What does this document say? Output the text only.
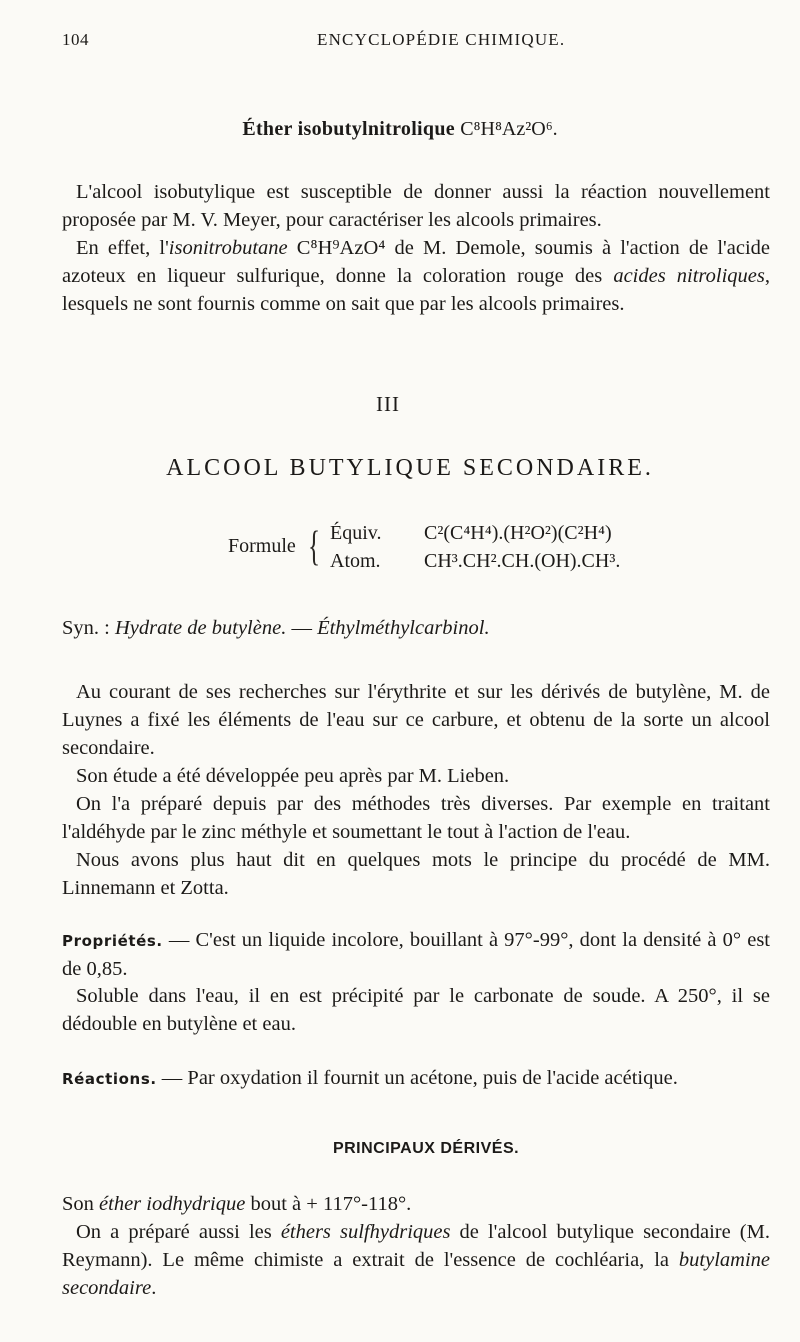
104	ENCYCLOPÉDIE CHIMIQUE.
Éther isobutylnitrolique C⁸H⁸Az²O⁶.

L'alcool isobutylique est susceptible de donner aussi la réaction nouvellement proposée par M. V. Meyer, pour caractériser les alcools primaires.

En effet, l'isonitrobutane C⁸H⁹AzO⁴ de M. Demole, soumis à l'action de l'acide azoteux en liqueur sulfurique, donne la coloration rouge des acides nitroliques, lesquels ne sont fournis comme on sait que par les alcools primaires.

III
ALCOOL BUTYLIQUE SECONDAIRE.
Formule { Équiv. C²(C⁴H⁴).(H²O²)(C²H⁴)
Atom. CH³.CH².CH.(OH).CH³.

Syn. : Hydrate de butylène. — Éthylméthylcarbinol.

Au courant de ses recherches sur l'érythrite et sur les dérivés de butylène, M. de Luynes a fixé les éléments de l'eau sur ce carbure, et obtenu de la sorte un alcool secondaire.

Son étude a été développée peu après par M. Lieben.

On l'a préparé depuis par des méthodes très diverses. Par exemple en traitant l'aldéhyde par le zinc méthyle et soumettant le tout à l'action de l'eau.

Nous avons plus haut dit en quelques mots le principe du procédé de MM. Linnemann et Zotta.

Propriétés. — C'est un liquide incolore, bouillant à 97°-99°, dont la densité à 0° est de 0,85.

Soluble dans l'eau, il en est précipité par le carbonate de soude. A 250°, il se dédouble en butylène et eau.

Réactions. — Par oxydation il fournit un acétone, puis de l'acide acétique.

PRINCIPAUX DÉRIVÉS.

Son éther iodhydrique bout à + 117°-118°.

On a préparé aussi les éthers sulfhydriques de l'alcool butylique secondaire (M. Reymann). Le même chimiste a extrait de l'essence de cochléaria, la butylamine secondaire.
